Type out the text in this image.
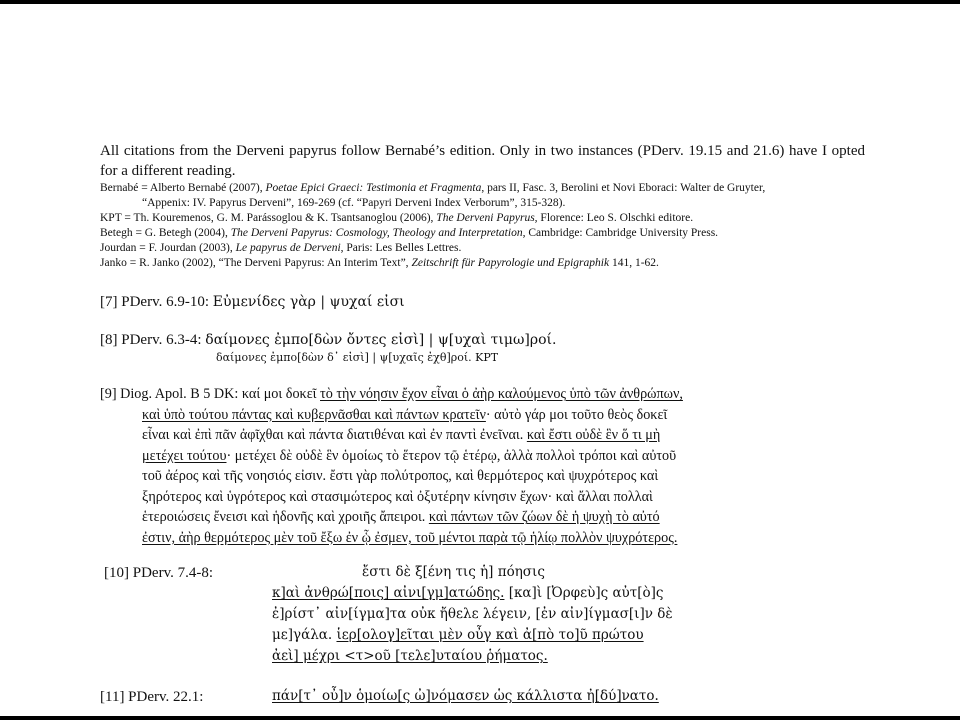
All citations from the Derveni papyrus follow Bernabé’s edition. Only in two instances (PDerv. 19.15 and 21.6) have I opted for a different reading.
Bernabé = Alberto Bernabé (2007), Poetae Epici Graeci: Testimonia et Fragmenta, pars II, Fasc. 3, Berolini et Novi Eboraci: Walter de Gruyter,
“Appenix: IV. Papyrus Derveni”, 169-269 (cf. “Papyri Derveni Index Verborum”, 315-328).
KPT = Th. Kouremenos, G. M. Parássoglou & K. Tsantsanoglou (2006), The Derveni Papyrus, Florence: Leo S. Olschki editore.
Betegh = G. Betegh (2004), The Derveni Papyrus: Cosmology, Theology and Interpretation, Cambridge: Cambridge University Press.
Jourdan = F. Jourdan (2003), Le papyrus de Derveni, Paris: Les Belles Lettres.
Janko = R. Janko (2002), “The Derveni Papyrus: An Interim Text”, Zeitschrift für Papyrologie und Epigraphik 141, 1-62.
[7] PDerv. 6.9-10: Εὐμενίδες γὰρ | ψυχαί εἰσι
[8] PDerv. 6.3-4: δαίμονες ἐμπο[δὼν ὄντες εἰσὶ] | ψ[υχαὶ τιμω]ροί.
δαίμονες ἐμπο[δὼν δ᾽ εἰσὶ] | ψ[υχαῖς ἐχθ]ροί. KPT
[9] Diog. Apol. B 5 DK: καί μοι δοκεῖ τὸ τὴν νόησιν ἔχον εἶναι ὁ ἀὴρ καλούμενος ὑπὸ τῶν ἀνθρώπων,
καὶ ὑπὸ τούτου πάντας καὶ κυβερνᾶσθαι καὶ πάντων κρατεῖν· αὐτὸ γάρ μοι τοῦτο θεὸς δοκεῖ
εἶναι καὶ ἐπὶ πᾶν ἀφῖχθαι καὶ πάντα διατιθέναι καὶ ἐν παντὶ ἐνεῖναι. καὶ ἔστι οὐδὲ ἓν ὅ τι μὴ
μετέχει τούτου· μετέχει δὲ οὐδὲ ἓν ὁμοίως τὸ ἕτερον τῷ ἑτέρῳ, ἀλλὰ πολλοὶ τρόποι καὶ αὐτοῦ
τοῦ ἀέρος καὶ τῆς νοησιός εἰσιν. ἔστι γὰρ πολύτροπος, καὶ θερμότερος καὶ ψυχρότερος καὶ
ξηρότερος καὶ ὑγρότερος καὶ στασιμώτερος καὶ ὀξυτέρην κίνησιν ἔχων· καὶ ἄλλαι πολλαὶ
ἑτεροιώσεις ἔνεισι καὶ ἡδονῆς καὶ χροιῆς ἄπειροι. καὶ πάντων τῶν ζώων δὲ ἡ ψυχὴ τὸ αὐτό
ἐστιν, ἀὴρ θερμότερος μὲν τοῦ ἔξω ἐν ᾧ ἐσμεν, τοῦ μέντοι παρὰ τῷ ἡλίῳ πολλὸν ψυχρότερος.
[10] PDerv. 7.4-8:	ἔστι δὲ ξ[ένη τις ἡ] πόησις
κ]αὶ ἀνθρώ[ποις] αἰνι[γμ]ατώδης. [κα]ὶ [Ὀρφεὺ]ς αὐτ[ὸ]ς
ἐ]ρίστ᾽ αἰν[ίγμα]τα οὐκ ἤθελε λέγειν, [ἐν αἰν]ίγμασ[ι]ν δὲ
με]γάλα. ἱερ[ολογ]εῖται μὲν οὖγ καὶ ἀ[πὸ το]ῦ πρώτου
ἀεὶ] μέχρι <τ>οῦ [τελε]υταίου ῥήματος.
[11] PDerv. 22.1:	πάν[τ᾽ οὖ]ν ὁμοίω[ς ὠ]νόμασεν ὡς κάλλιστα ἠ[δύ]νατο.
